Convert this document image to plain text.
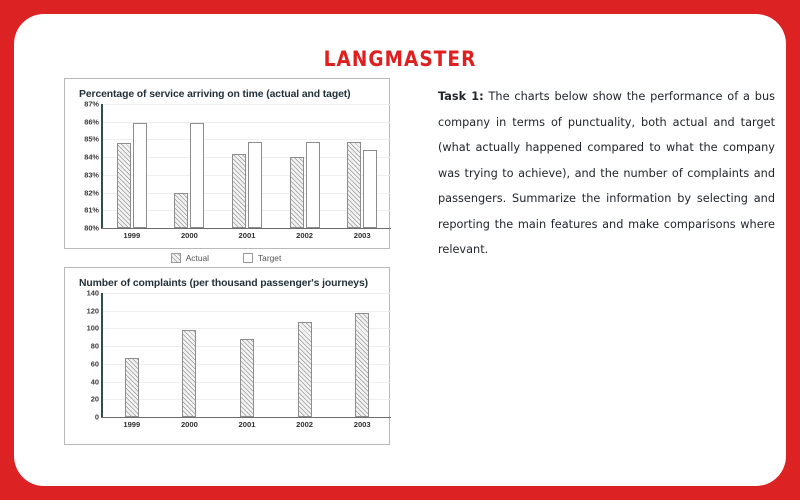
LANGMASTER
Percentage of service arriving on time (actual and taget)
80%
81%
82%
83%
84%
85%
86%
87%
1999	2000	2001	2002	2003
Actual	Target
Number of complaints (per thousand passenger's journeys)
0
20
40
60
80
100
120
140
1999	2000	2001	2002	2003
Task 1: The charts below show the performance of a bus company in terms of punctuality, both actual and target (what actually happened compared to what the company was trying to achieve), and the number of complaints and passengers. Summarize the information by selecting and reporting the main features and make comparisons where relevant.
